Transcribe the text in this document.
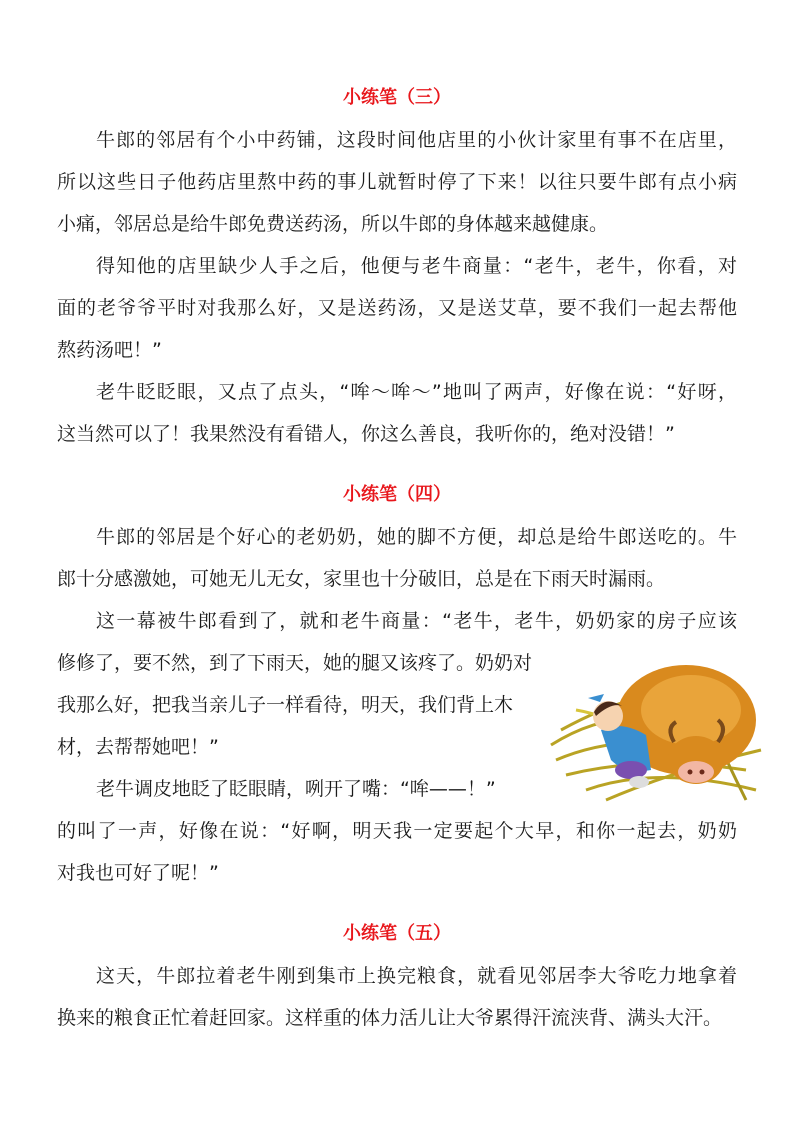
小练笔（三）
牛郎的邻居有个小中药铺，这段时间他店里的小伙计家里有事不在店里，
所以这些日子他药店里熬中药的事儿就暂时停了下来！以往只要牛郎有点小病
小痛，邻居总是给牛郎免费送药汤，所以牛郎的身体越来越健康。
得知他的店里缺少人手之后，他便与老牛商量：“老牛，老牛，你看，对
面的老爷爷平时对我那么好，又是送药汤，又是送艾草，要不我们一起去帮他
熬药汤吧！”
老牛眨眨眼，又点了点头，“哞～哞～”地叫了两声，好像在说：“好呀，
这当然可以了！我果然没有看错人，你这么善良，我听你的，绝对没错！”
小练笔（四）
牛郎的邻居是个好心的老奶奶，她的脚不方便，却总是给牛郎送吃的。牛
郎十分感激她，可她无儿无女，家里也十分破旧，总是在下雨天时漏雨。
这一幕被牛郎看到了，就和老牛商量：“老牛，老牛，奶奶家的房子应该
修修了，要不然，到了下雨天，她的腿又该疼了。奶奶对
我那么好，把我当亲儿子一样看待，明天，我们背上木
材，去帮帮她吧！”
老牛调皮地眨了眨眼睛，咧开了嘴：“哞——！”
的叫了一声，好像在说：“好啊，明天我一定要起个大早，和你一起去，奶奶
对我也可好了呢！”
小练笔（五）
这天，牛郎拉着老牛刚到集市上换完粮食，就看见邻居李大爷吃力地拿着
换来的粮食正忙着赶回家。这样重的体力活儿让大爷累得汗流浃背、满头大汗。
